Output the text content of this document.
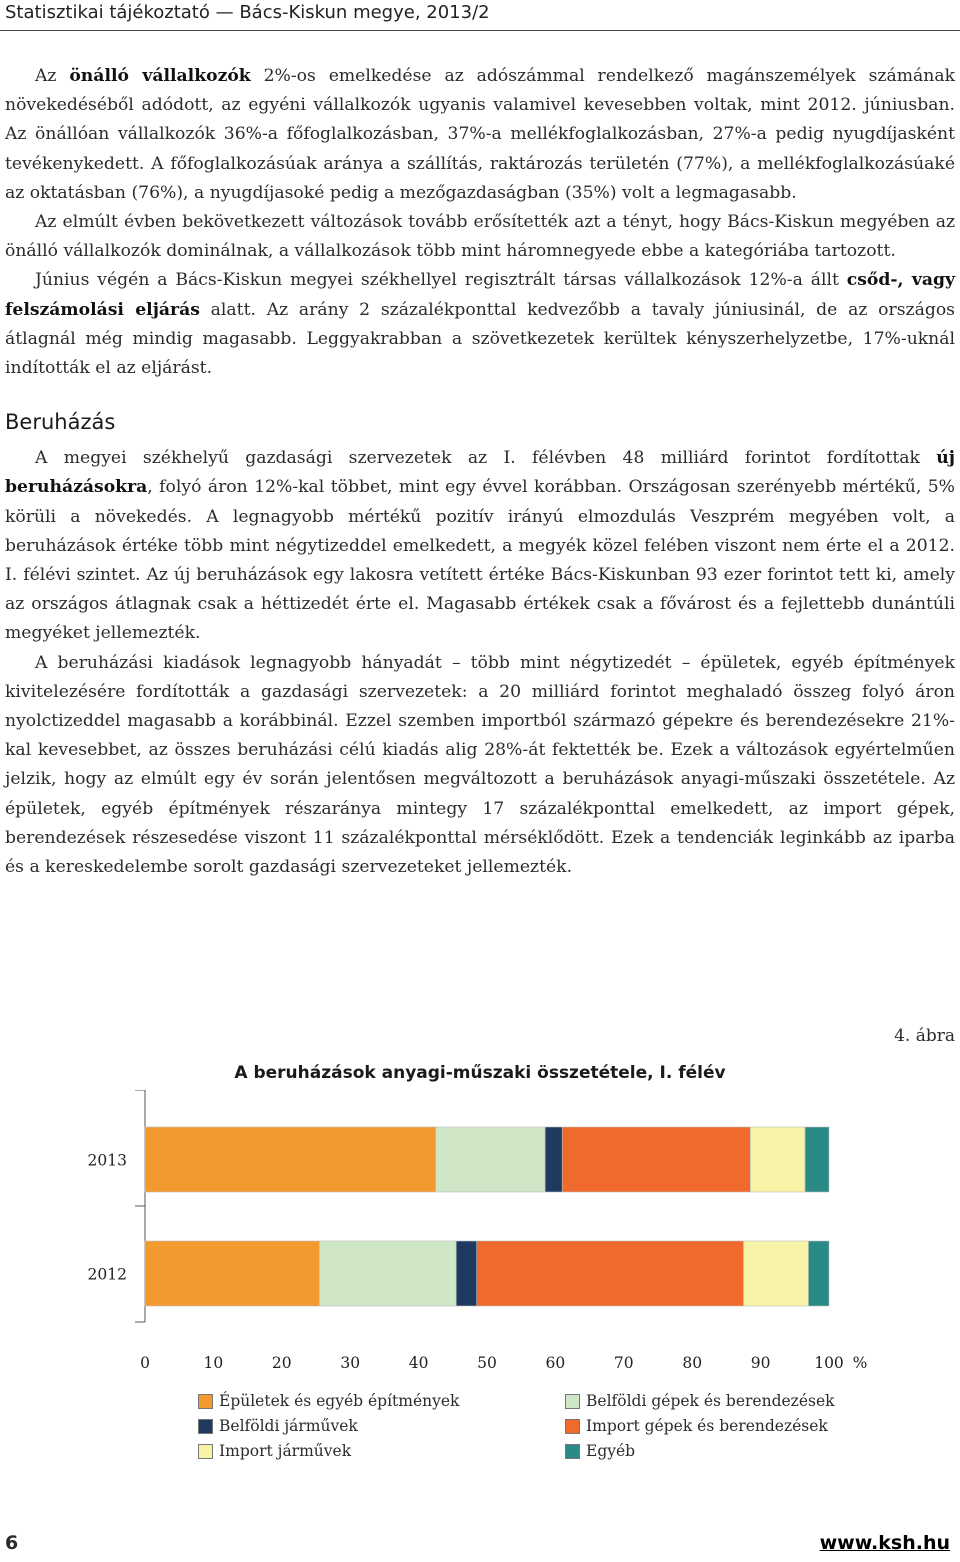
Statisztikai tájékoztató — Bács-Kiskun megye, 2013/2

Az önálló vállalkozók 2%-os emelkedése az adószámmal rendelkező magánszemélyek számának növekedéséből adódott, az egyéni vállalkozók ugyanis valamivel kevesebben voltak, mint 2012. júniusban. Az önállóan vállalkozók 36%-a főfoglalkozásban, 37%-a mellékfoglalkozásban, 27%-a pedig nyugdíjasként tevékenykedett. A főfoglalkozásúak aránya a szállítás, raktározás területén (77%), a mellékfoglalkozásúaké az oktatásban (76%), a nyugdíjasoké pedig a mezőgazdaságban (35%) volt a legmagasabb.

Az elmúlt évben bekövetkezett változások tovább erősítették azt a tényt, hogy Bács-Kiskun megyében az önálló vállalkozók dominálnak, a vállalkozások több mint háromnegyede ebbe a kategóriába tartozott.

Június végén a Bács-Kiskun megyei székhellyel regisztrált társas vállalkozások 12%-a állt csőd-, vagy felszámolási eljárás alatt. Az arány 2 százalékponttal kedvezőbb a tavaly júniusinál, de az országos átlagnál még mindig magasabb. Leggyakrabban a szövetkezetek kerültek kényszerhelyzetbe, 17%-uknál indították el az eljárást.

Beruházás

A megyei székhelyű gazdasági szervezetek az I. félévben 48 milliárd forintot fordítottak új beruházásokra, folyó áron 12%-kal többet, mint egy évvel korábban. Országosan szerényebb mértékű, 5% körüli a növekedés. A legnagyobb mértékű pozitív irányú elmozdulás Veszprém megyében volt, a beruházások értéke több mint négytizeddel emelkedett, a megyék közel felében viszont nem érte el a 2012. I. félévi szintet. Az új beruházások egy lakosra vetített értéke Bács-Kiskunban 93 ezer forintot tett ki, amely az országos átlagnak csak a héttizedét érte el. Magasabb értékek csak a fővárost és a fejlettebb dunántúli megyéket jellemezték.

A beruházási kiadások legnagyobb hányadát – több mint négytizedét – épületek, egyéb építmények kivitelezésére fordították a gazdasági szervezetek: a 20 milliárd forintot meghaladó összeg folyó áron nyolctizeddel magasabb a korábbinál. Ezzel szemben importból származó gépekre és berendezésekre 21%-kal kevesebbet, az összes beruházási célú kiadás alig 28%-át fektették be. Ezek a változások egyértelműen jelzik, hogy az elmúlt egy év során jelentősen megváltozott a beruházások anyagi-műszaki összetétele. Az épületek, egyéb építmények részaránya mintegy 17 százalékponttal emelkedett, az import gépek, berendezések részesedése viszont 11 százalékponttal mérséklődött. Ezek a tendenciák leginkább az iparba és a kereskedelembe sorolt gazdasági szervezeteket jellemezték.

4. ábra
A beruházások anyagi-műszaki összetétele, I. félév
2013
2012
0	10	20	30	40	50	60	70	80	90	100 %
Épületek és egyéb építmények	Belföldi gépek és berendezések
Belföldi járművek	Import gépek és berendezések
Import járművek	Egyéb
6	www.ksh.hu
